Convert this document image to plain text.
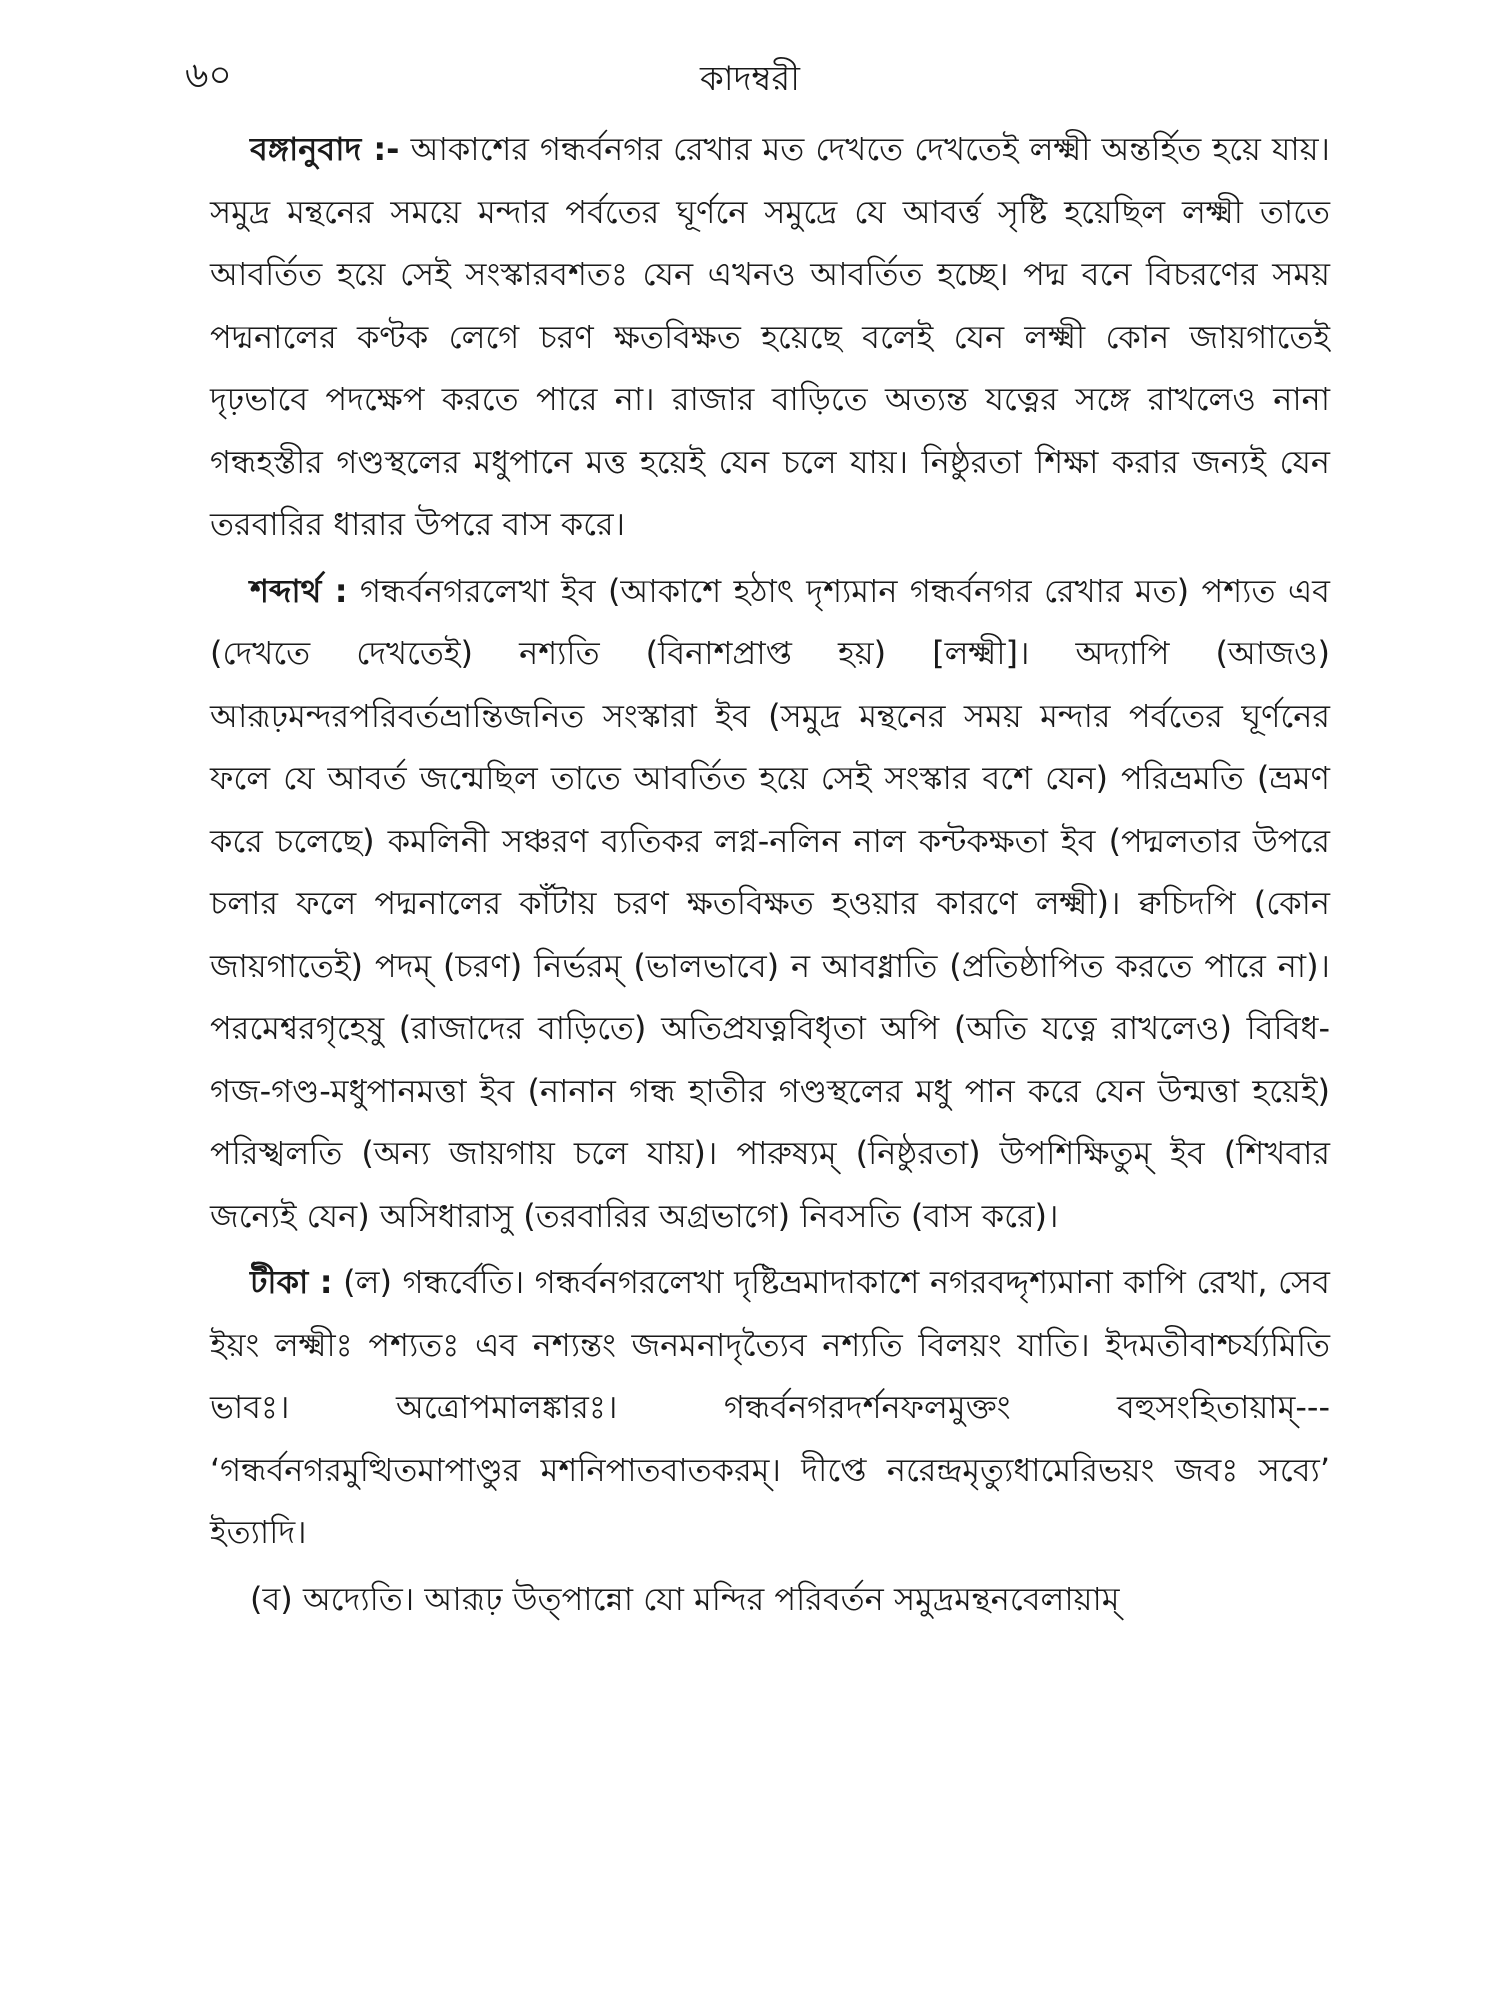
৬০	কাদম্বরী

বঙ্গানুবাদ :- আকাশের গন্ধর্বনগর রেখার মত দেখতে দেখতেই লক্ষ্মী অন্তর্হিত হয়ে যায়। সমুদ্র মন্থনের সময়ে মন্দার পর্বতের ঘূর্ণনে সমুদ্রে যে আবর্ত্ত সৃষ্টি হয়েছিল লক্ষ্মী তাতে আবর্তিত হয়ে সেই সংস্কারবশতঃ যেন এখনও আবর্তিত হচ্ছে। পদ্ম বনে বিচরণের সময় পদ্মনালের কণ্টক লেগে চরণ ক্ষতবিক্ষত হয়েছে বলেই যেন লক্ষ্মী কোন জায়গাতেই দৃঢ়ভাবে পদক্ষেপ করতে পারে না। রাজার বাড়িতে অত্যন্ত যত্নের সঙ্গে রাখলেও নানা গন্ধহস্তীর গণ্ডস্থলের মধুপানে মত্ত হয়েই যেন চলে যায়। নিষ্ঠুরতা শিক্ষা করার জন্যই যেন তরবারির ধারার উপরে বাস করে।

শব্দার্থ : গন্ধর্বনগরলেখা ইব (আকাশে হঠাৎ দৃশ্যমান গন্ধর্বনগর রেখার মত) পশ্যত এব (দেখতে দেখতেই) নশ্যতি (বিনাশপ্রাপ্ত হয়) [লক্ষ্মী]। অদ্যাপি (আজও) আরূঢ়মন্দরপরিবর্তভ্রান্তিজনিত সংস্কারা ইব (সমুদ্র মন্থনের সময় মন্দার পর্বতের ঘূর্ণনের ফলে যে আবর্ত জন্মেছিল তাতে আবর্তিত হয়ে সেই সংস্কার বশে যেন) পরিভ্রমতি (ভ্রমণ করে চলেছে) কমলিনী সঞ্চরণ ব্যতিকর লগ্ন-নলিন নাল কন্টকক্ষতা ইব (পদ্মলতার উপরে চলার ফলে পদ্মনালের কাঁটায় চরণ ক্ষতবিক্ষত হওয়ার কারণে লক্ষ্মী)। ক্বচিদপি (কোন জায়গাতেই) পদম্ (চরণ) নির্ভরম্ (ভালভাবে) ন আবধ্নাতি (প্রতিষ্ঠাপিত করতে পারে না)। পরমেশ্বরগৃহেষু (রাজাদের বাড়িতে) অতিপ্রযত্নবিধৃতা অপি (অতি যত্নে রাখলেও) বিবিধ-গজ-গণ্ড-মধুপানমত্তা ইব (নানান গন্ধ হাতীর গণ্ডস্থলের মধু পান করে যেন উন্মত্তা হয়েই) পরিস্খলতি (অন্য জায়গায় চলে যায়)। পারুষ্যম্ (নিষ্ঠুরতা) উপশিক্ষিতুম্ ইব (শিখবার জন্যেই যেন) অসিধারাসু (তরবারির অগ্রভাগে) নিবসতি (বাস করে)।

টীকা : (ল) গন্ধর্বেতি। গন্ধর্বনগরলেখা দৃষ্টিভ্রমাদাকাশে নগরবদ্দৃশ্যমানা কাপি রেখা, সেব ইয়ং লক্ষ্মীঃ পশ্যতঃ এব নশ্যন্তং জনমনাদৃত্যৈব নশ্যতি বিলয়ং যাতি। ইদমতীবাশ্চর্য্যমিতি ভাবঃ। অত্রোপমালঙ্কারঃ। গন্ধর্বনগরদর্শনফলমুক্তং বহুসংহিতায়াম্--- ‘গন্ধর্বনগরমুত্থিতমাপাণ্ডুর মশনিপাতবাতকরম্। দীপ্তে নরেন্দ্রমৃত্যুধামেরিভয়ং জবঃ সব্যে’ ইত্যাদি।

(ব) অদ্যেতি। আরূঢ় উত্পান্নো যো মন্দির পরিবর্তন সমুদ্রমন্থনবেলায়াম্
